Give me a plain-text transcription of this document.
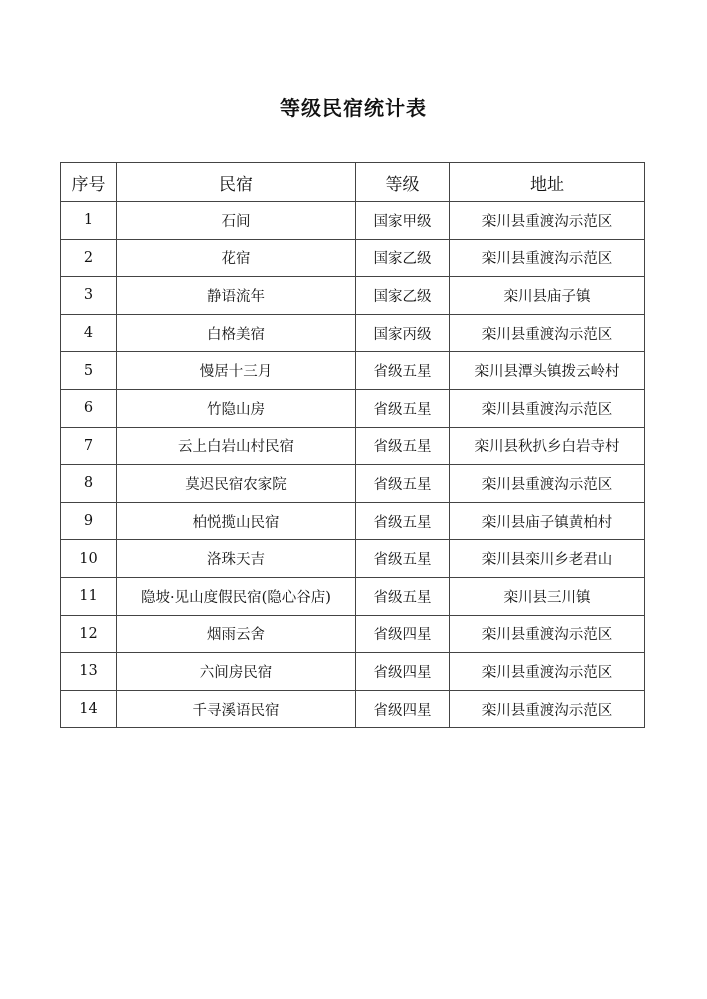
等级民宿统计表
序号	民宿	等级	地址
1	石间	国家甲级	栾川县重渡沟示范区
2	花宿	国家乙级	栾川县重渡沟示范区
3	静语流年	国家乙级	栾川县庙子镇
4	白格美宿	国家丙级	栾川县重渡沟示范区
5	慢居十三月	省级五星	栾川县潭头镇拨云岭村
6	竹隐山房	省级五星	栾川县重渡沟示范区
7	云上白岩山村民宿	省级五星	栾川县秋扒乡白岩寺村
8	莫迟民宿农家院	省级五星	栾川县重渡沟示范区
9	柏悦揽山民宿	省级五星	栾川县庙子镇黄柏村
10	洛珠天吉	省级五星	栾川县栾川乡老君山
11	隐坡·见山度假民宿(隐心谷店)	省级五星	栾川县三川镇
12	烟雨云舍	省级四星	栾川县重渡沟示范区
13	六间房民宿	省级四星	栾川县重渡沟示范区
14	千寻溪语民宿	省级四星	栾川县重渡沟示范区
